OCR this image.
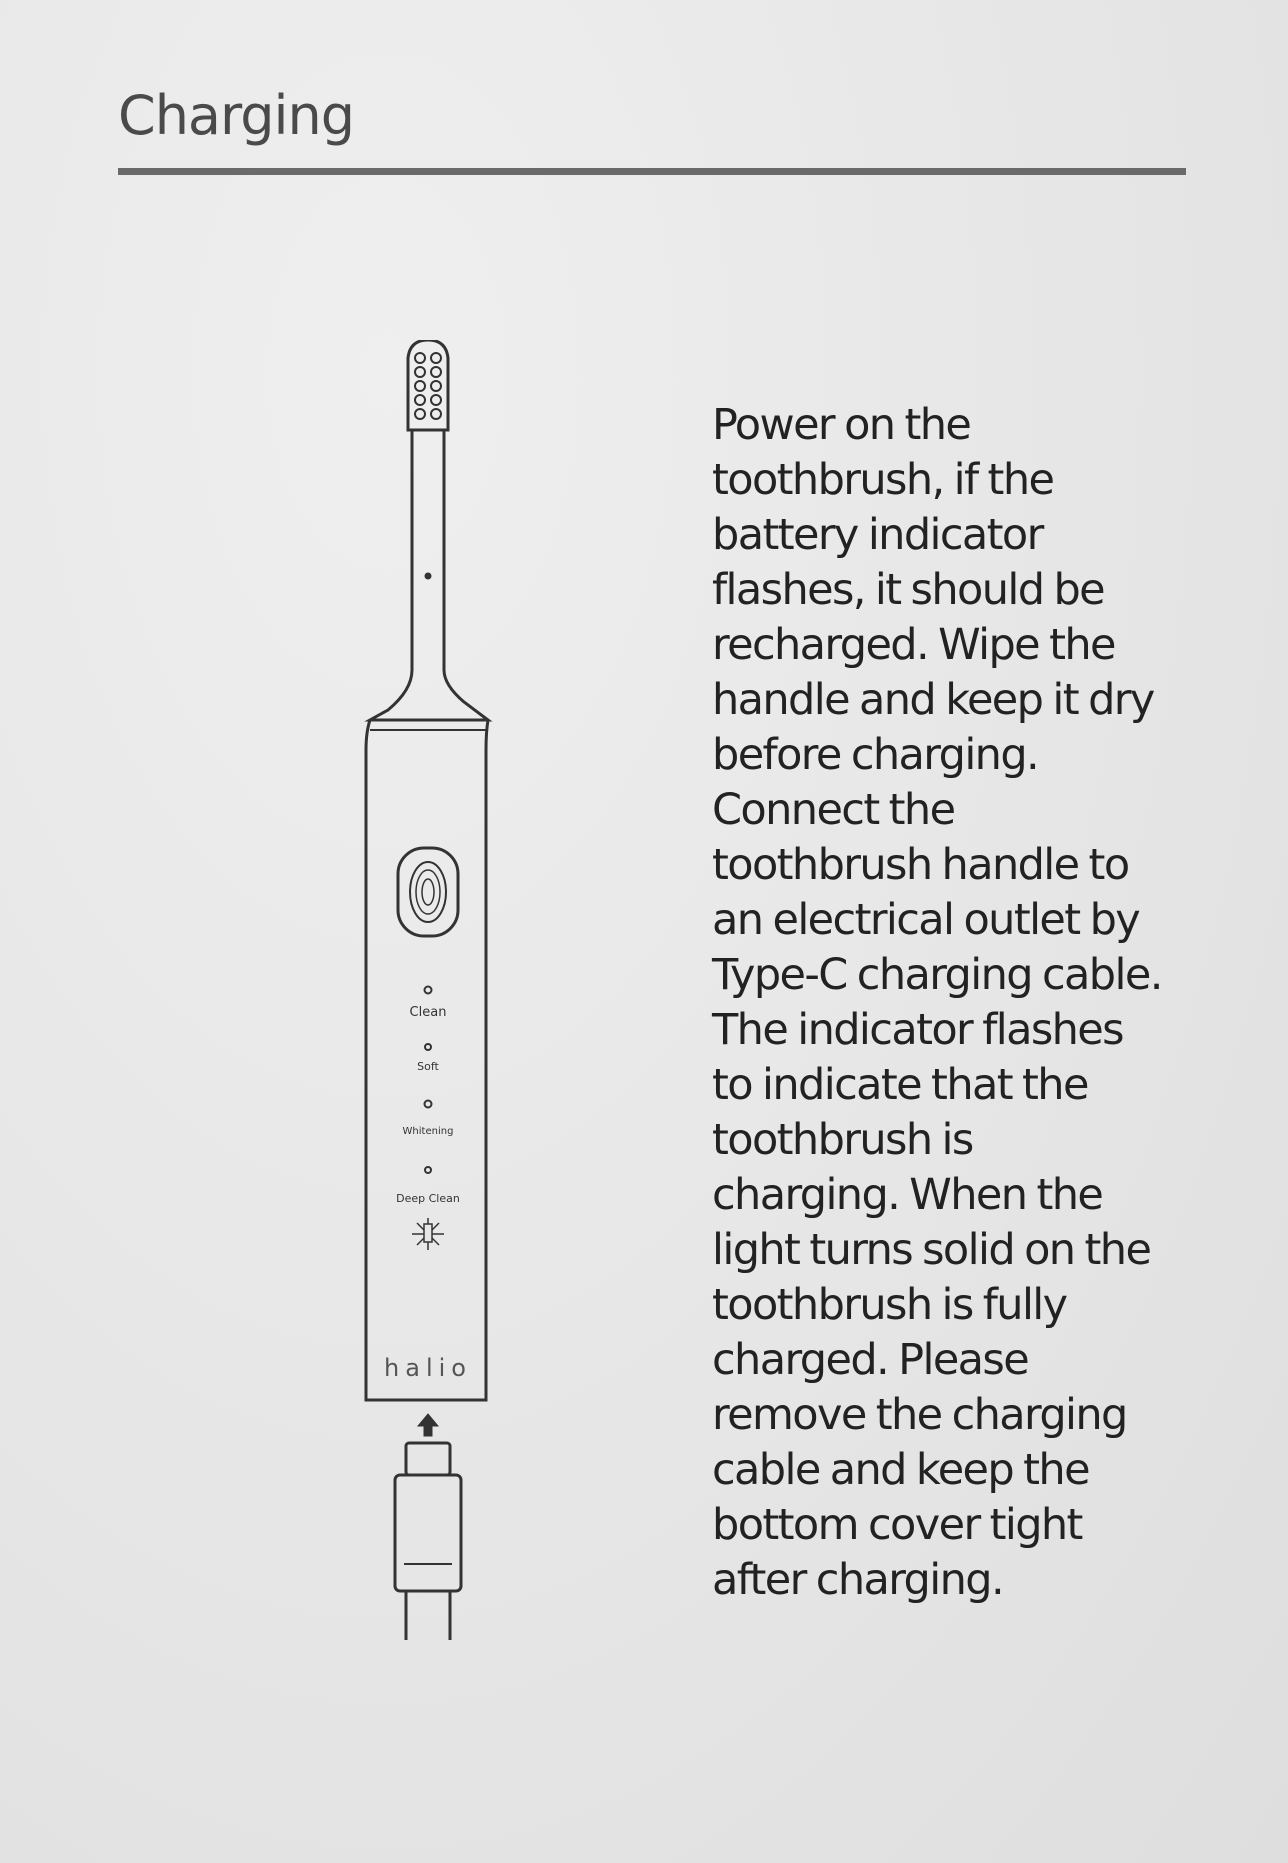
Charging
Clean
Soft
Whitening
Deep Clean
halio
Power on the
toothbrush, if the
battery indicator
flashes, it should be
recharged. Wipe the
handle and keep it dry
before charging.
Connect the
toothbrush handle to
an electrical outlet by
Type-C charging cable.
The indicator flashes
to indicate that the
toothbrush is
charging. When the
light turns solid on the
toothbrush is fully
charged. Please
remove the charging
cable and keep the
bottom cover tight
after charging.
